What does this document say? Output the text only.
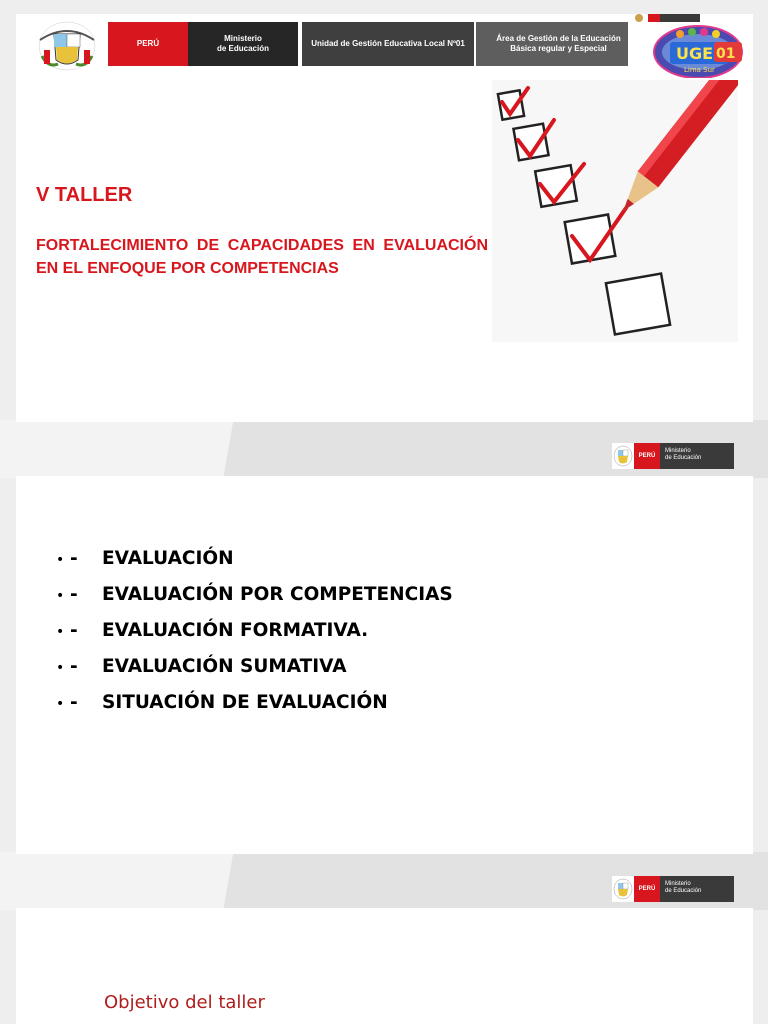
PERÚ
Ministerio
de Educación
Unidad de Gestión Educativa Local Nº01
Área de Gestión de la Educación Básica regular y Especial	UGE 01
Lima Sur
V TALLER
FORTALECIMIENTO DE CAPACIDADES EN EVALUACIÓN EN EL ENFOQUE POR COMPETENCIAS
PERÚ
Ministerio
de Educación
• -	EVALUACIÓN
• -	EVALUACIÓN POR COMPETENCIAS
• -	EVALUACIÓN FORMATIVA.
• -	EVALUACIÓN SUMATIVA
• -	SITUACIÓN DE EVALUACIÓN
PERÚ
Ministerio
de Educación
Objetivo del taller
